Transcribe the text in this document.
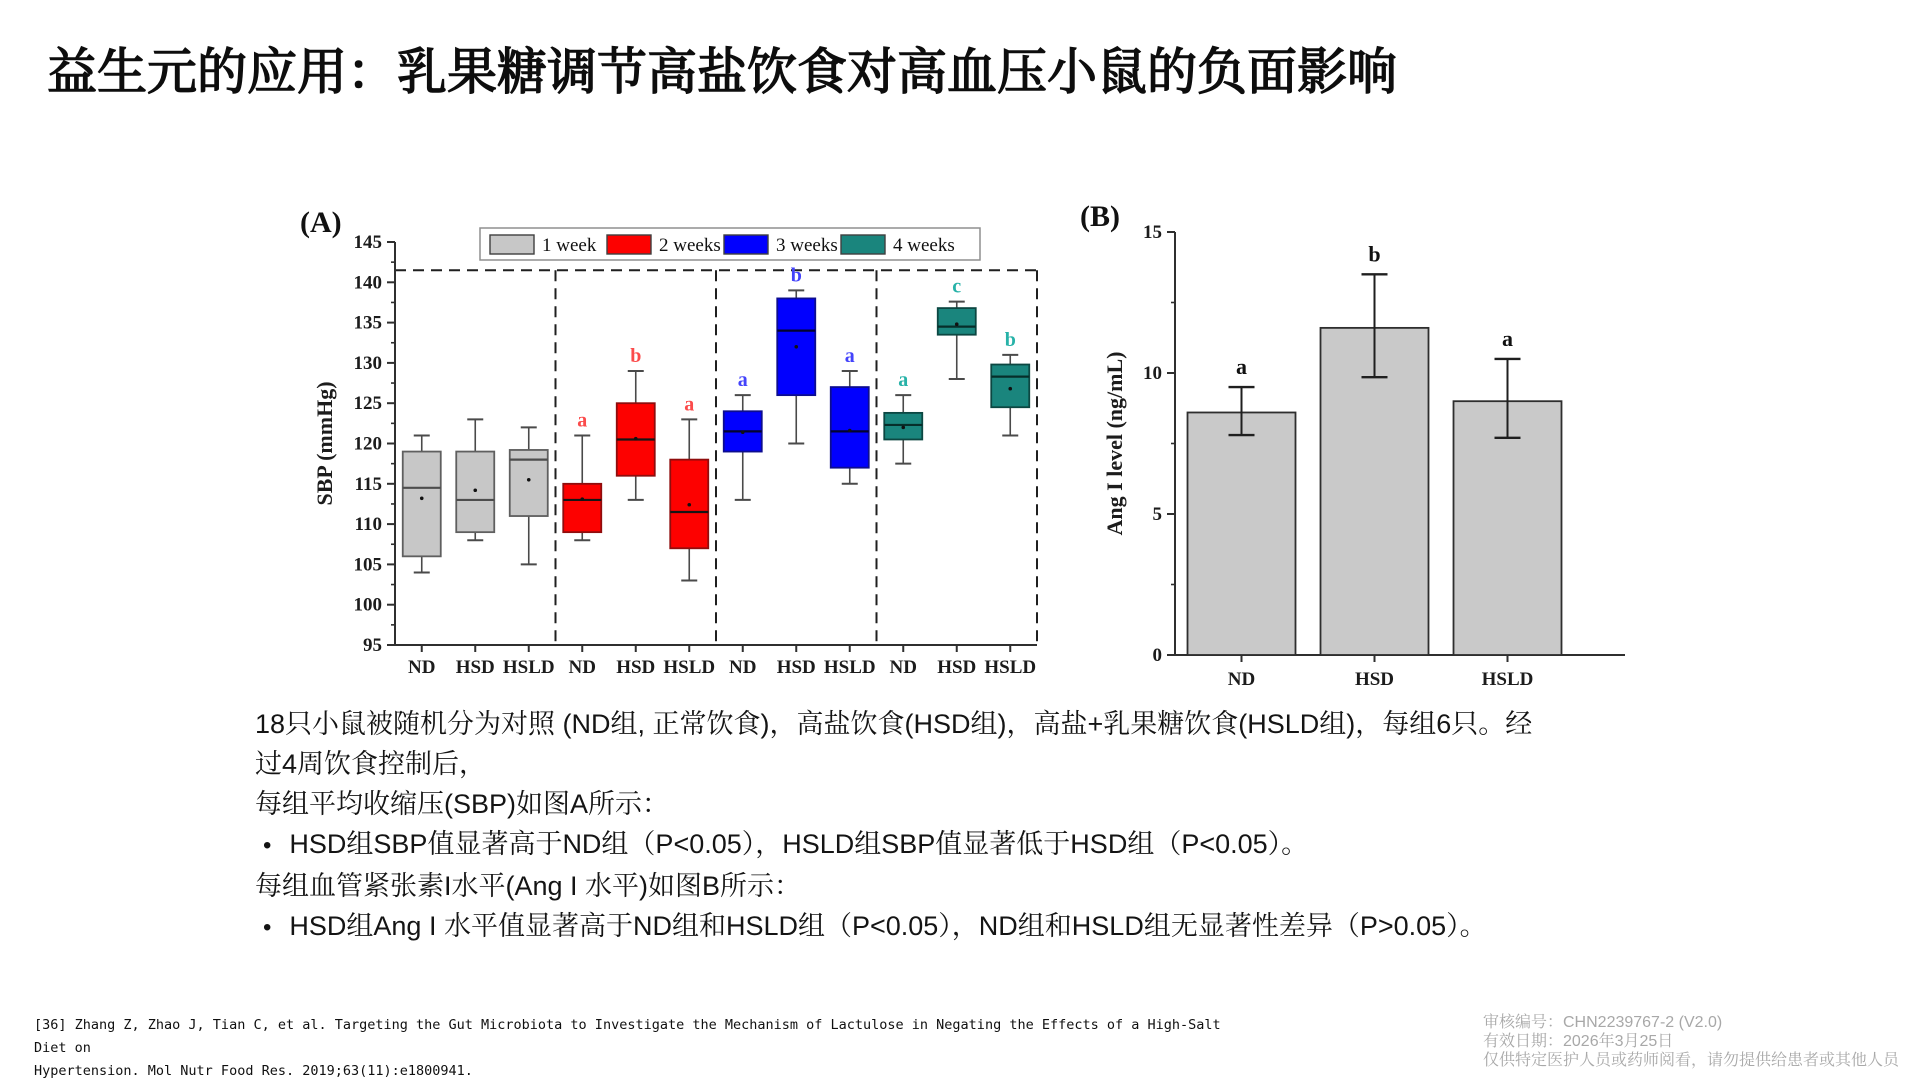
益生元的应用：乳果糖调节高盐饮食对高血压小鼠的负面影响
95
100
105
110
115
120
125
130
135
140
145
SBP (mmHg)
ND HSD HSLD
a
ND
b
HSD
a
HSLD
a
ND
b
HSD
a
HSLD
a
ND
c
HSD
b
HSLD
1 week	2 weeks	3 weeks	4 weeks
(A)
0
5
10
15
Ang I level (ng/mL)	a
ND
b
HSD
a
HSLD
(B)
18只小鼠被随机分为对照 (ND组, 正常饮食)，高盐饮食(HSD组)，高盐+乳果糖饮食(HSLD组)，每组6只。经
过4周饮食控制后，
每组平均收缩压(SBP)如图A所示：
• HSD组SBP值显著高于ND组（P<0.05），HSLD组SBP值显著低于HSD组（P<0.05）。
每组血管紧张素I水平(Ang I 水平)如图B所示：
• HSD组Ang I 水平值显著高于ND组和HSLD组（P<0.05），ND组和HSLD组无显著性差异（P>0.05）。
[36] Zhang Z, Zhao J, Tian C, et al. Targeting the Gut Microbiota to Investigate the Mechanism of Lactulose in Negating the Effects of a High-Salt Diet on
Hypertension. Mol Nutr Food Res. 2019;63(11):e1800941.
审核编号：CHN2239767-2 (V2.0)
有效日期：2026年3月25日
仅供特定医护人员或药师阅看，请勿提供给患者或其他人员
